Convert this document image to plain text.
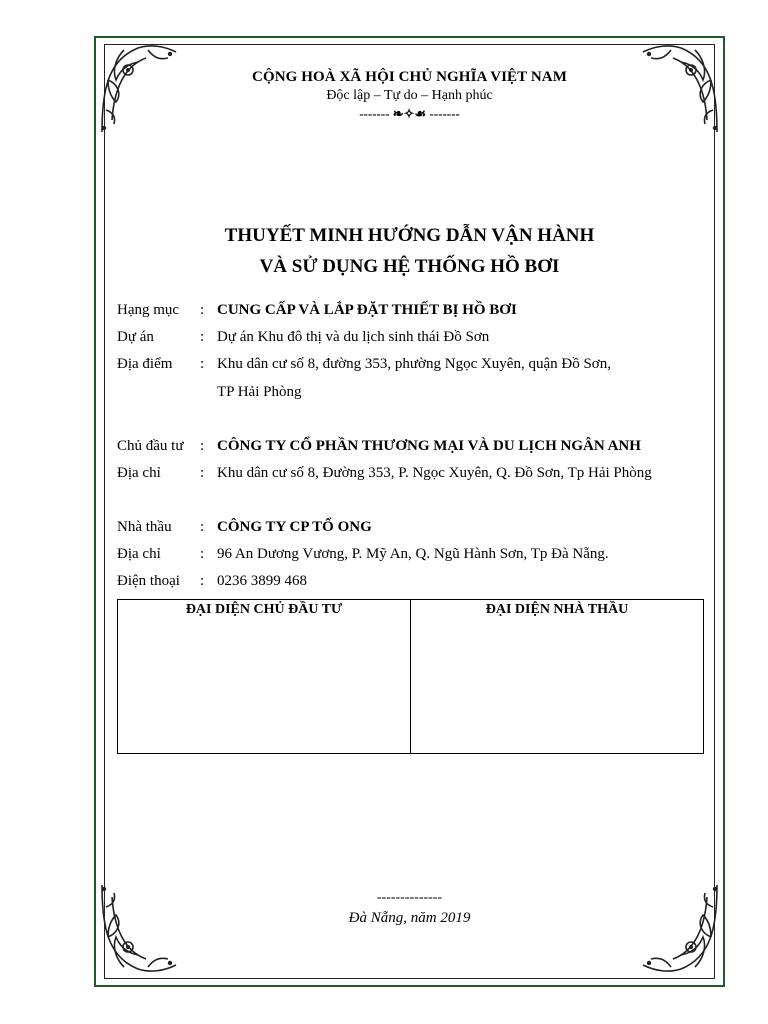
CỘNG HOÀ XÃ HỘI CHỦ NGHĨA VIỆT NAM
Độc lập – Tự do – Hạnh phúc
------- ❧✧☙ -------
THUYẾT MINH HƯỚNG DẪN VẬN HÀNH
VÀ SỬ DỤNG HỆ THỐNG HỒ BƠI
Hạng mục : CUNG CẤP VÀ LẮP ĐẶT THIẾT BỊ HỒ BƠI
Dự án	: Dự án Khu đô thị và du lịch sinh thái Đồ Sơn
Địa điểm : Khu dân cư số 8, đường 353, phường Ngọc Xuyên, quận Đồ Sơn,
TP Hải Phòng
Chủ đầu tư : CÔNG TY CỔ PHẦN THƯƠNG MẠI VÀ DU LỊCH NGÂN ANH
Địa chỉ	: Khu dân cư số 8, Đường 353, P. Ngọc Xuyên, Q. Đồ Sơn, Tp Hải Phòng
Nhà thầu : CÔNG TY CP TỔ ONG
Địa chỉ	: 96 An Dương Vương, P. Mỹ An, Q. Ngũ Hành Sơn, Tp Đà Nẵng.
Điện thoại : 0236 3899 468
ĐẠI DIỆN CHỦ ĐẦU TƯ	ĐẠI DIỆN NHÀ THẦU
--------------
Đà Nẵng, năm 2019
